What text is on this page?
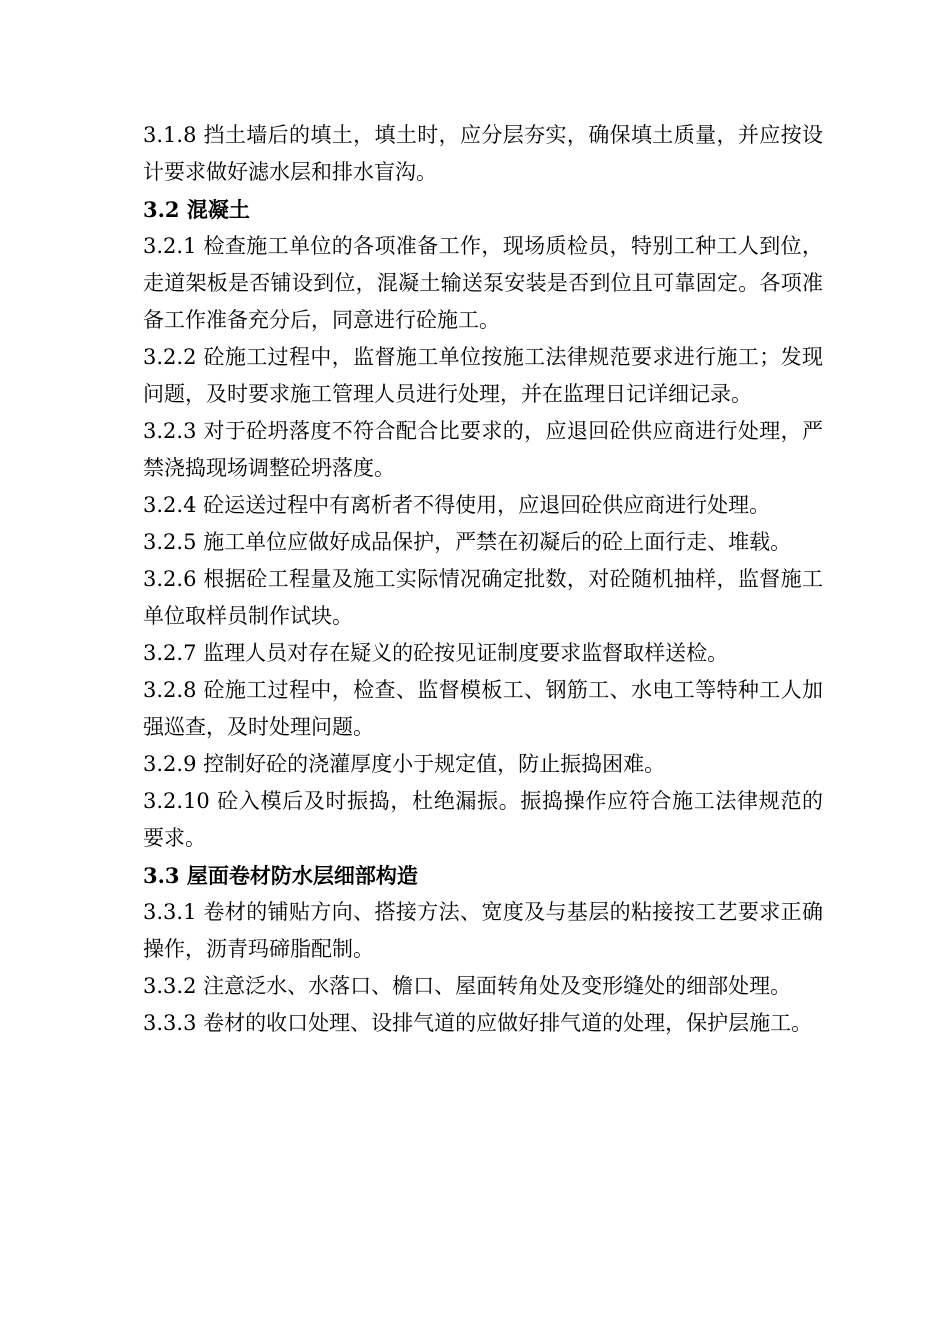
3.1.8 挡土墙后的填土，填土时，应分层夯实，确保填土质量，并应按设计要求做好滤水层和排水盲沟。

3.2 混凝土

3.2.1 检查施工单位的各项准备工作，现场质检员，特别工种工人到位，走道架板是否铺设到位，混凝土输送泵安装是否到位且可靠固定。各项准备工作准备充分后，同意进行砼施工。

3.2.2 砼施工过程中，监督施工单位按施工法律规范要求进行施工；发现问题，及时要求施工管理人员进行处理，并在监理日记详细记录。

3.2.3 对于砼坍落度不符合配合比要求的，应退回砼供应商进行处理，严禁浇捣现场调整砼坍落度。

3.2.4 砼运送过程中有离析者不得使用，应退回砼供应商进行处理。

3.2.5 施工单位应做好成品保护，严禁在初凝后的砼上面行走、堆载。

3.2.6 根据砼工程量及施工实际情况确定批数，对砼随机抽样，监督施工单位取样员制作试块。

3.2.7 监理人员对存在疑义的砼按见证制度要求监督取样送检。

3.2.8 砼施工过程中，检查、监督模板工、钢筋工、水电工等特种工人加强巡查，及时处理问题。

3.2.9 控制好砼的浇灌厚度小于规定值，防止振捣困难。

3.2.10 砼入模后及时振捣，杜绝漏振。振捣操作应符合施工法律规范的要求。

3.3 屋面卷材防水层细部构造

3.3.1 卷材的铺贴方向、搭接方法、宽度及与基层的粘接按工艺要求正确操作，沥青玛碲脂配制。

3.3.2 注意泛水、水落口、檐口、屋面转角处及变形缝处的细部处理。

3.3.3 卷材的收口处理、设排气道的应做好排气道的处理，保护层施工。
